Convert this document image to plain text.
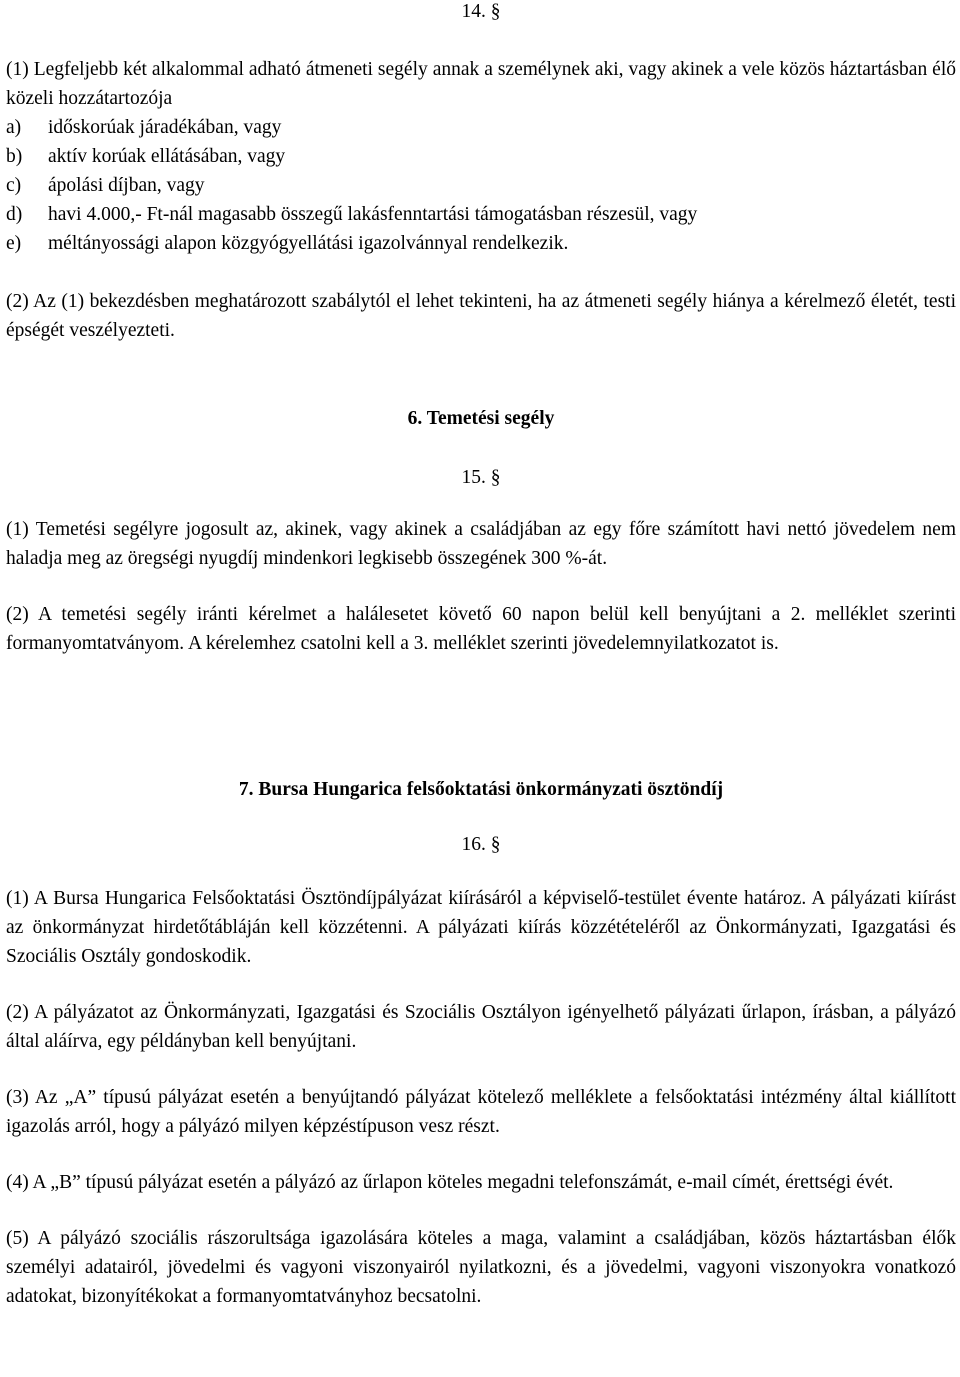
14. §

(1) Legfeljebb két alkalommal adható átmeneti segély annak a személynek aki, vagy akinek a vele közös háztartásban élő közeli hozzátartozója

a) időskorúak járadékában, vagy
b) aktív korúak ellátásában, vagy
c) ápolási díjban, vagy
d) havi 4.000,- Ft-nál magasabb összegű lakásfenntartási támogatásban részesül, vagy
e) méltányossági alapon közgyógyellátási igazolvánnyal rendelkezik.

(2) Az (1) bekezdésben meghatározott szabálytól el lehet tekinteni, ha az átmeneti segély hiánya a kérelmező életét, testi épségét veszélyezteti.

6. Temetési segély

15. §

(1) Temetési segélyre jogosult az, akinek, vagy akinek a családjában az egy főre számított havi nettó jövedelem nem haladja meg az öregségi nyugdíj mindenkori legkisebb összegének 300 %-át.

(2) A temetési segély iránti kérelmet a halálesetet követő 60 napon belül kell benyújtani a 2. melléklet szerinti formanyomtatványom. A kérelemhez csatolni kell a 3. melléklet szerinti jövedelemnyilatkozatot is.

7. Bursa Hungarica felsőoktatási önkormányzati ösztöndíj

16. §

(1) A Bursa Hungarica Felsőoktatási Ösztöndíjpályázat kiírásáról a képviselő-testület évente határoz. A pályázati kiírást az önkormányzat hirdetőtábláján kell közzétenni. A pályázati kiírás közzétételéről az Önkormányzati, Igazgatási és Szociális Osztály gondoskodik.

(2) A pályázatot az Önkormányzati, Igazgatási és Szociális Osztályon igényelhető pályázati űrlapon, írásban, a pályázó által aláírva, egy példányban kell benyújtani.

(3) Az „A” típusú pályázat esetén a benyújtandó pályázat kötelező melléklete a felsőoktatási intézmény által kiállított igazolás arról, hogy a pályázó milyen képzéstípuson vesz részt.

(4) A „B” típusú pályázat esetén a pályázó az űrlapon köteles megadni telefonszámát, e-mail címét, érettségi évét.

(5) A pályázó szociális rászorultsága igazolására köteles a maga, valamint a családjában, közös háztartásban élők személyi adatairól, jövedelmi és vagyoni viszonyairól nyilatkozni, és a jövedelmi, vagyoni viszonyokra vonatkozó adatokat, bizonyítékokat a formanyomtatványhoz becsatolni.
